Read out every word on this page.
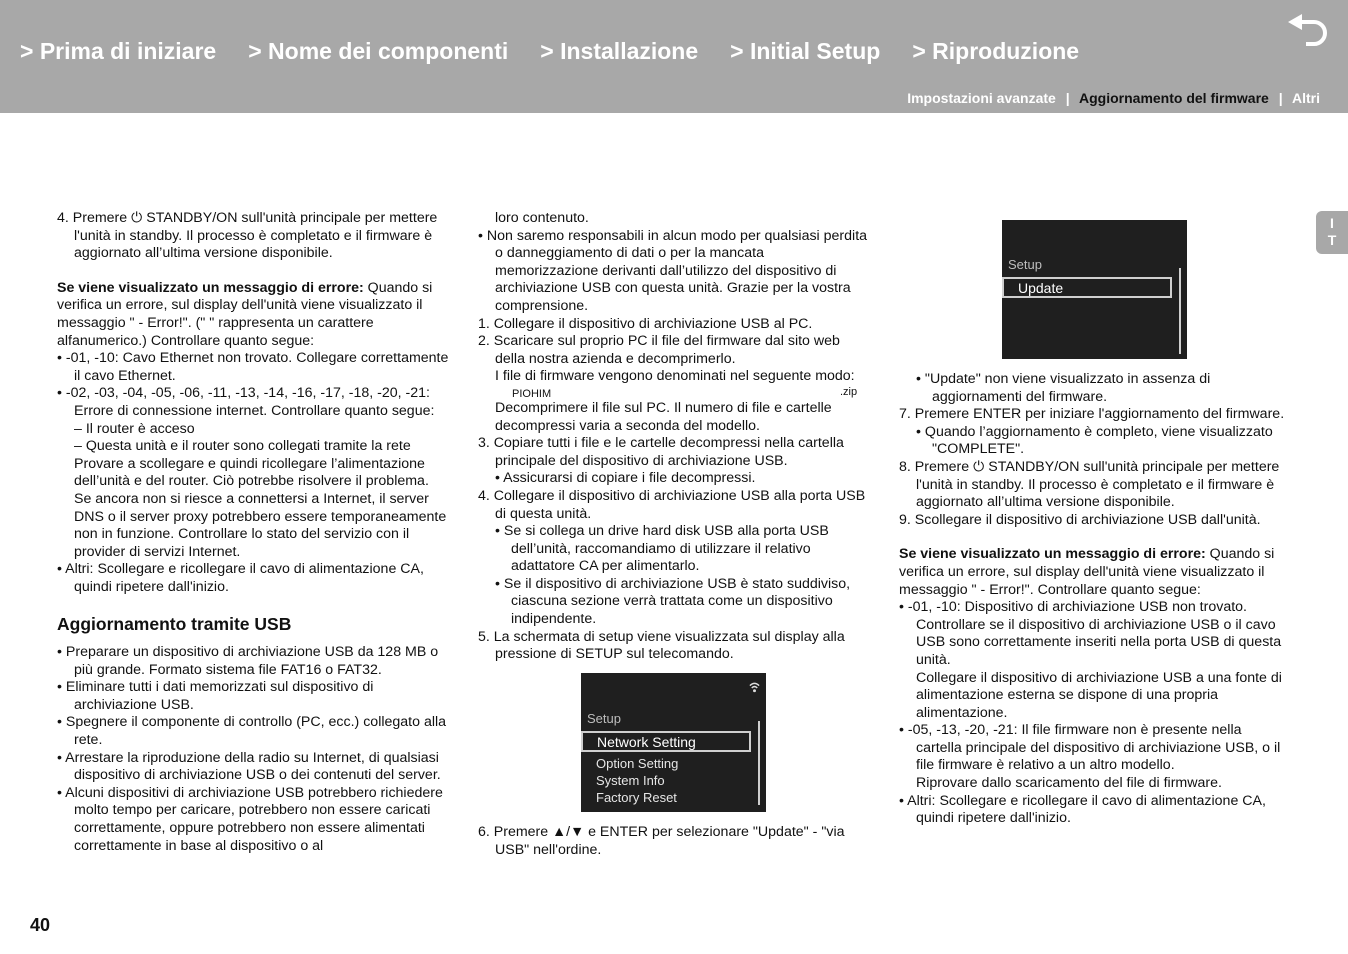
> Prima di iniziare > Nome dei componenti > Installazione > Initial Setup > Riproduzione
Impostazioni avanzate | Aggiornamento del firmware | Altri
I
T

4. Premere ⏻ STANDBY/ON sull'unità principale per mettere l'unità in standby. Il processo è completato e il firmware è aggiornato all’ultima versione disponibile.

Se viene visualizzato un messaggio di errore: Quando si verifica un errore, sul display dell'unità viene visualizzato il messaggio " - Error!". (" " rappresenta un carattere alfanumerico.) Controllare quanto segue:

• -01, -10: Cavo Ethernet non trovato. Collegare correttamente il cavo Ethernet.

• -02, -03, -04, -05, -06, -11, -13, -14, -16, -17, -18, -20, -21: Errore di connessione internet. Controllare quanto segue:

– Il router è acceso

– Questa unità e il router sono collegati tramite la rete

Provare a scollegare e quindi ricollegare l’alimentazione dell’unità e del router. Ciò potrebbe risolvere il problema. Se ancora non si riesce a connettersi a Internet, il server DNS o il server proxy potrebbero essere temporaneamente non in funzione. Controllare lo stato del servizio con il provider di servizi Internet.

• Altri: Scollegare e ricollegare il cavo di alimentazione CA, quindi ripetere dall'inizio.

Aggiornamento tramite USB

• Preparare un dispositivo di archiviazione USB da 128 MB o più grande. Formato sistema file FAT16 o FAT32.

• Eliminare tutti i dati memorizzati sul dispositivo di archiviazione USB.

• Spegnere il componente di controllo (PC, ecc.) collegato alla rete.

• Arrestare la riproduzione della radio su Internet, di qualsiasi dispositivo di archiviazione USB o dei contenuti del server.

• Alcuni dispositivi di archiviazione USB potrebbero richiedere molto tempo per caricare, potrebbero non essere caricati correttamente, oppure potrebbero non essere alimentati correttamente in base al dispositivo o al

loro contenuto.

• Non saremo responsabili in alcun modo per qualsiasi perdita o danneggiamento di dati o per la mancata memorizzazione derivanti dall’utilizzo del dispositivo di archiviazione USB con questa unità. Grazie per la vostra comprensione.

1. Collegare il dispositivo di archiviazione USB al PC.

2. Scaricare sul proprio PC il file del firmware dal sito web della nostra azienda e decomprimerlo.

I file di firmware vengono denominati nel seguente modo:

PIOHIM	.zip

Decomprimere il file sul PC. Il numero di file e cartelle decompressi varia a seconda del modello.

3. Copiare tutti i file e le cartelle decompressi nella cartella principale del dispositivo di archiviazione USB.

• Assicurarsi di copiare i file decompressi.

4. Collegare il dispositivo di archiviazione USB alla porta USB di questa unità.

• Se si collega un drive hard disk USB alla porta USB dell’unità, raccomandiamo di utilizzare il relativo adattatore CA per alimentarlo.

• Se il dispositivo di archiviazione USB è stato suddiviso, ciascuna sezione verrà trattata come un dispositivo indipendente.

5. La schermata di setup viene visualizzata sul display alla pressione di SETUP sul telecomando.

Setup
Network Setting
Option Setting
System Info
Factory Reset

6. Premere ▲/▼ e ENTER per selezionare "Update" - "via USB" nell'ordine.

Setup
Update

• "Update" non viene visualizzato in assenza di aggiornamenti del firmware.

7. Premere ENTER per iniziare l'aggiornamento del firmware.

• Quando l’aggiornamento è completo, viene visualizzato "COMPLETE".

8. Premere ⏻ STANDBY/ON sull'unità principale per mettere l'unità in standby. Il processo è completato e il firmware è aggiornato all’ultima versione disponibile.

9. Scollegare il dispositivo di archiviazione USB dall'unità.

Se viene visualizzato un messaggio di errore: Quando si verifica un errore, sul display dell'unità viene visualizzato il messaggio " - Error!". Controllare quanto segue:

• -01, -10: Dispositivo di archiviazione USB non trovato. Controllare se il dispositivo di archiviazione USB o il cavo USB sono correttamente inseriti nella porta USB di questa unità.

Collegare il dispositivo di archiviazione USB a una fonte di alimentazione esterna se dispone di una propria alimentazione.

• -05, -13, -20, -21: Il file firmware non è presente nella cartella principale del dispositivo di archiviazione USB, o il file firmware è relativo a un altro modello.

Riprovare dallo scaricamento del file di firmware.

• Altri: Scollegare e ricollegare il cavo di alimentazione CA, quindi ripetere dall'inizio.

40
